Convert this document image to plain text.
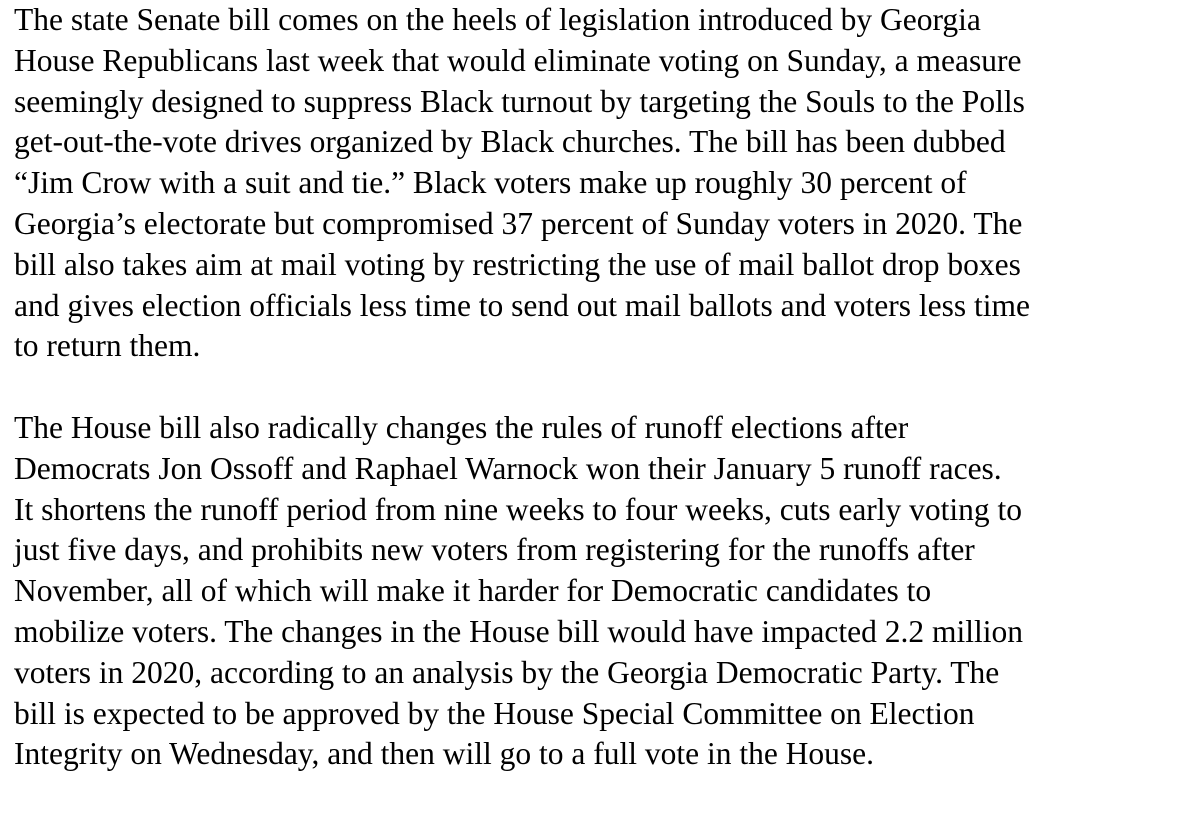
The state Senate bill comes on the heels of legislation introduced by Georgia
House Republicans last week that would eliminate voting on Sunday, a measure
seemingly designed to suppress Black turnout by targeting the Souls to the Polls
get-out-the-vote drives organized by Black churches. The bill has been dubbed
“Jim Crow with a suit and tie.” Black voters make up roughly 30 percent of
Georgia’s electorate but compromised 37 percent of Sunday voters in 2020. The
bill also takes aim at mail voting by restricting the use of mail ballot drop boxes
and gives election officials less time to send out mail ballots and voters less time
to return them.
The House bill also radically changes the rules of runoff elections after
Democrats Jon Ossoff and Raphael Warnock won their January 5 runoff races.
It shortens the runoff period from nine weeks to four weeks, cuts early voting to
just five days, and prohibits new voters from registering for the runoffs after
November, all of which will make it harder for Democratic candidates to
mobilize voters. The changes in the House bill would have impacted 2.2 million
voters in 2020, according to an analysis by the Georgia Democratic Party. The
bill is expected to be approved by the House Special Committee on Election
Integrity on Wednesday, and then will go to a full vote in the House.
